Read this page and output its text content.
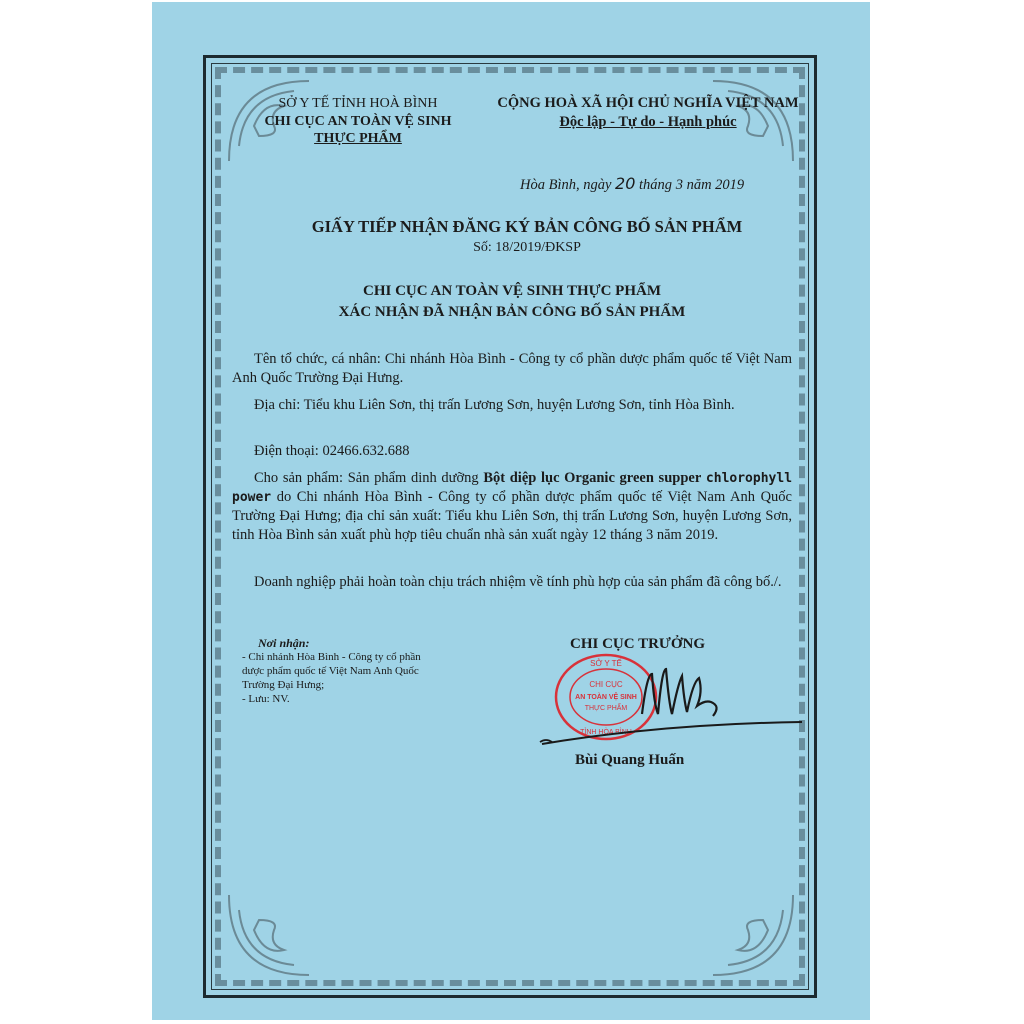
SỞ Y TẾ TỈNH HOÀ BÌNH
CHI CỤC AN TOÀN VỆ SINH
THỰC PHẨM
CỘNG HOÀ XÃ HỘI CHỦ NGHĨA VIỆT NAM
Độc lập - Tự do - Hạnh phúc
Hòa Bình, ngày 20 tháng 3 năm 2019
GIẤY TIẾP NHẬN ĐĂNG KÝ BẢN CÔNG BỐ SẢN PHẨM
Số: 18/2019/ĐKSP
CHI CỤC AN TOÀN VỆ SINH THỰC PHẨM
XÁC NHẬN ĐÃ NHẬN BẢN CÔNG BỐ SẢN PHẨM
Tên tổ chức, cá nhân: Chi nhánh Hòa Bình - Công ty cổ phần dược phẩm quốc tế Việt Nam Anh Quốc Trường Đại Hưng.
Địa chỉ: Tiểu khu Liên Sơn, thị trấn Lương Sơn, huyện Lương Sơn, tỉnh Hòa Bình.
Điện thoại: 02466.632.688
Cho sản phẩm: Sản phẩm dinh dưỡng Bột diệp lục Organic green supper chlorophyll power do Chi nhánh Hòa Bình - Công ty cổ phần dược phẩm quốc tế Việt Nam Anh Quốc Trường Đại Hưng; địa chỉ sản xuất: Tiểu khu Liên Sơn, thị trấn Lương Sơn, huyện Lương Sơn, tỉnh Hòa Bình sản xuất phù hợp tiêu chuẩn nhà sản xuất ngày 12 tháng 3 năm 2019.
Doanh nghiệp phải hoàn toàn chịu trách nhiệm về tính phù hợp của sản phẩm đã công bố./.
Nơi nhận:
- Chi nhánh Hòa Bình - Công ty cổ phần dược phẩm quốc tế Việt Nam Anh Quốc Trường Đại Hưng;
- Lưu: NV.
CHI CỤC TRƯỞNG
SỞ Y TẾ
CHI CỤC
AN TOÀN VỆ SINH
THỰC PHẨM
TỈNH HÒA BÌNH
Bùi Quang Huấn
